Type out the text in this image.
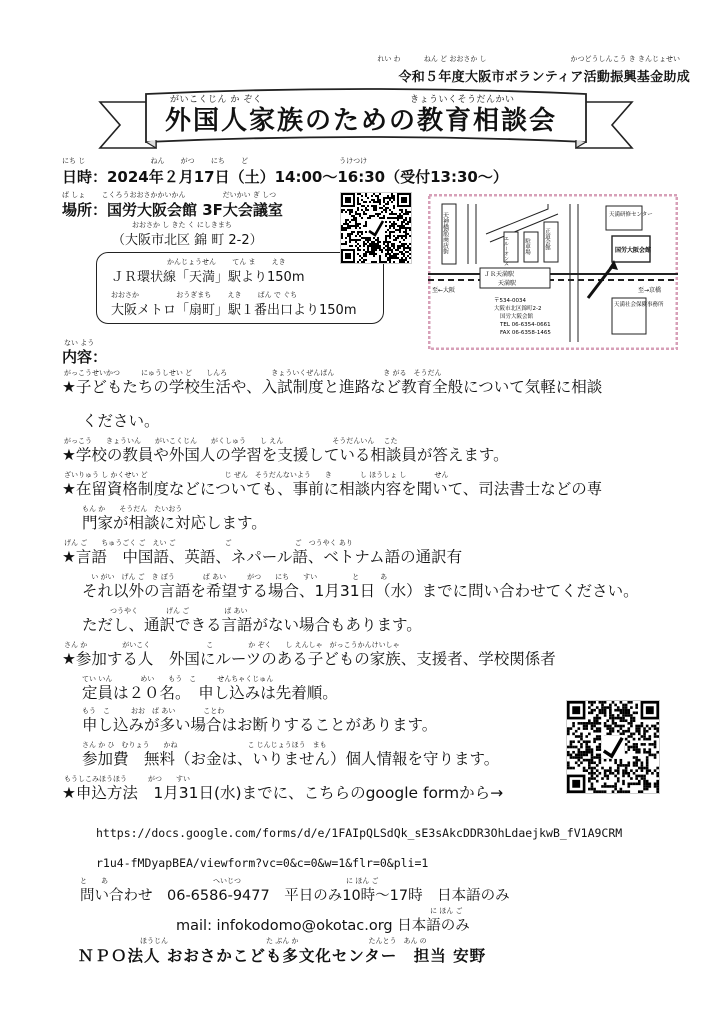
れい わ　　　 ねん ど おおさか し　　　　　　　　　　　　かつどうしんこう き きんじょせい
令和５年度大阪市ボランティア活動振興基金助成
がいこくじん か ぞく	きょういくそうだんかい
外国人家族のための教育相談会
にち じ　　　　　　　　　 ねん　　 がつ　　 にち　　 ど　　　　　　　　　　　　　うけつけ
日時：2024年２月17日（土）14:00〜16:30（受付13:30〜）
ば しょ　　 こくろうおおさかかいかん　　　　　 だいかい ぎ しつ
場所：国労大阪会館 3F大会議室
おおさか し きた く にしきまち
（大阪市北区 錦 町 2-2）
かんじょうせん　　 てん ま　　 えき
ＪＲ環状線「天満」駅より150m
おおさか　　　　　 おうぎまち　　 えき　　 ばん で ぐち
大阪メトロ「扇町」駅１番出口より150m
天神橋筋商店街	エルーオンス	駐車場	正道会館
天満研修センター
国労大阪会館
ＪＲ天満駅
天満駅
至←大阪	至→京橋
〒534-0034
大阪市北区錦町2-2
国労大阪会館
TEL 06-6354-0661
FAX 06-6358-1465
天満社会保険事務所
ない よう
内容：
がっこうせいかつ　　　にゅうしせい ど　　しんろ　　　　　　 きょういくぜんぱん　　　　　　　き がる　そうだん
★子どもたちの学校生活や、入試制度と進路など教育全般について気軽に相談
ください。
がっこう　　きょういん　　がいこくじん　　がくしゅう　　し えん　　　　　　　そうだんいん　 こた
★学校の教員や外国人の学習を支援している相談員が答えます。
ざいりゅう し かくせい ど　　　　　　　　　　　じ ぜん　そうだんないよう　　き　　　　し ほうしょ し　　　　せん
★在留資格制度などについても、事前に相談内容を聞いて、司法書士などの専
もん か　　そうだん　たいおう
門家が相談に対応します。
げん ご　　ちゅうごく ご　えい ご　　　　　　　ご　　　　　　　　　ご　つうやく あり
★言語　中国語、英語、ネパール語、ベトナム語の通訳有
　 い がい　げん ご　き ぼう　　　　ば あい　　　がつ　　にち　　すい　　　　　と　　　あ
それ以外の言語を希望する場合、1月31日（水）までに問い合わせてください。
　　　　つうやく　　　　げん ご　　　　　ば あい
ただし、通訳できる言語がない場合もあります。
さん か　　　　　がいこく　　　　　　　　こ　　　　　か ぞく　　し えんしゃ　がっこうかんけいしゃ
★参加する人　外国にルーツのある子どもの家族、支援者、学校関係者
てい いん　　　　めい　　もう　こ　　　せんちゃくじゅん
定員は２０名。　申し込みは先着順。
もう　こ　　　おお　ば あい　　　　ことわ
申し込みが多い場合はお断りすることがあります。
さん か ひ　むりょう　　かね　　　　　　　　　　こ じんじょうほう　まも
参加費　無料（お金は、いりません）個人情報を守ります。
もうしこみほうほう　　　がつ　　すい
★申込方法　1月31日(水)までに、こちらのgoogle formから→
https://docs.google.com/forms/d/e/1FAIpQLSdQk_sE3sAkcDDR3OhLdaejkwB_fV1A9CRM
r1u4-fMDyapBEA/viewform?vc=0&c=0&w=1&flr=0&pli=1
と　　あ　　　　　　　　　　　　　　　へいじつ　　　　　　　　　　　　　　　に ほん ご
問い合わせ　06-6586-9477　平日のみ10時〜17時　日本語のみ
に ほん ご
mail: infokodomo@okotac.org 日本語のみ
ほうじん　　　　　　　　　　　　　　た ぶん か　　　　　　　　　　たんとう　あん の
ＮＰＯ法人 おおさかこども多文化センター　担当 安野
